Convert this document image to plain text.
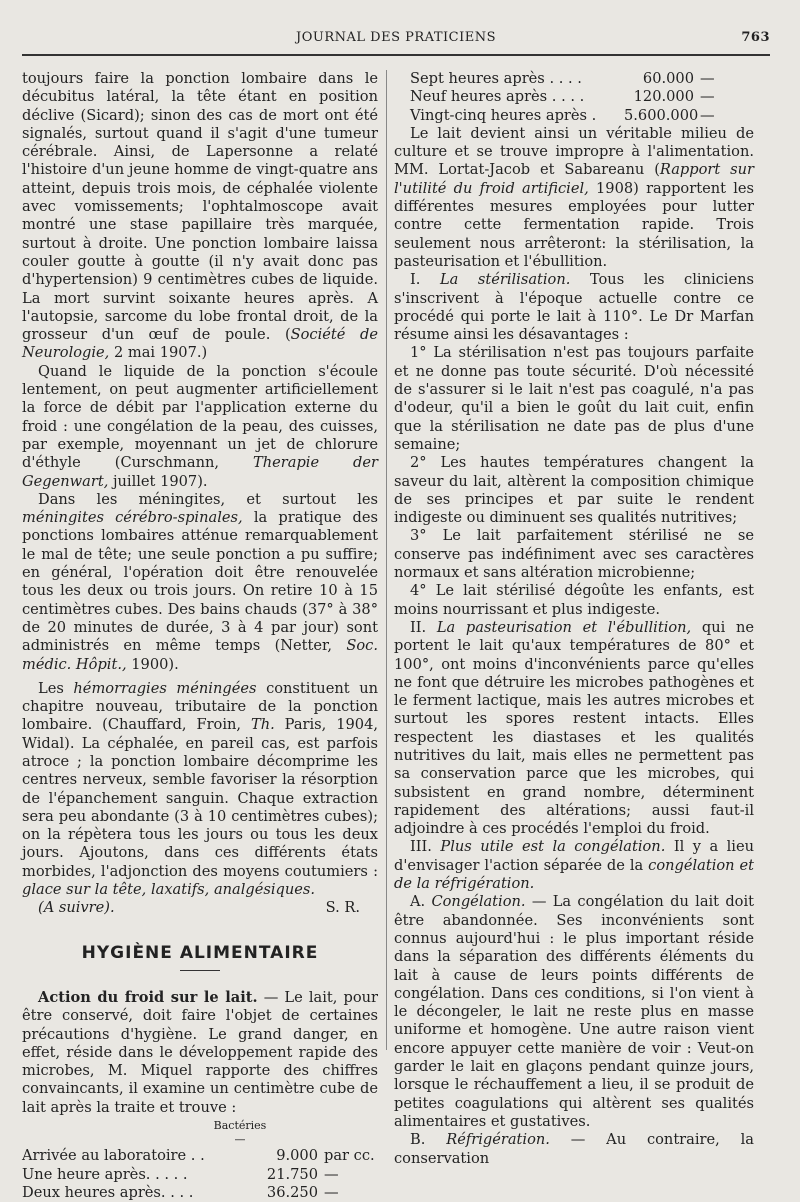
JOURNAL DES PRATICIENS	763

toujours faire la ponction lombaire dans le décubitus latéral, la tête étant en position déclive (Sicard); sinon des cas de mort ont été signalés, surtout quand il s'agit d'une tumeur cérébrale. Ainsi, de Lapersonne a relaté l'histoire d'un jeune homme de vingt-quatre ans atteint, depuis trois mois, de céphalée violente avec vomissements; l'ophtalmoscope avait montré une stase papillaire très marquée, surtout à droite. Une ponction lombaire laissa couler goutte à goutte (il n'y avait donc pas d'hypertension) 9 centimètres cubes de liquide. La mort survint soixante heures après. A l'autopsie, sarcome du lobe frontal droit, de la grosseur d'un œuf de poule. (Société de Neurologie, 2 mai 1907.)

Quand le liquide de la ponction s'écoule lentement, on peut augmenter artificiellement la force de débit par l'application externe du froid : une congélation de la peau, des cuisses, par exemple, moyennant un jet de chlorure d'éthyle (Curschmann, Therapie der Gegenwart, juillet 1907).

Dans les méningites, et surtout les méningites cérébro-spinales, la pratique des ponctions lombaires atténue remarquablement le mal de tête; une seule ponction a pu suffire; en général, l'opération doit être renouvelée tous les deux ou trois jours. On retire 10 à 15 centimètres cubes. Des bains chauds (37° à 38° de 20 minutes de durée, 3 à 4 par jour) sont administrés en même temps (Netter, Soc. médic. Hôpit., 1900).

Les hémorragies méningées constituent un chapitre nouveau, tributaire de la ponction lombaire. (Chauffard, Froin, Th. Paris, 1904, Widal). La céphalée, en pareil cas, est parfois atroce ; la ponction lombaire décomprime les centres nerveux, semble favoriser la résorption de l'épanchement sanguin. Chaque extraction sera peu abondante (3 à 10 centimètres cubes); on la répètera tous les jours ou tous les deux jours. Ajoutons, dans ces différents états morbides, l'adjonction des moyens coutumiers : glace sur la tête, laxatifs, analgésiques.

(A suivre).	S. R.
HYGIÈNE ALIMENTAIRE

Action du froid sur le lait. — Le lait, pour être conservé, doit faire l'objet de certaines précautions d'hygiène. Le grand danger, en effet, réside dans le développement rapide des microbes, M. Miquel rapporte des chiffres convaincants, il examine un centimètre cube de lait après la traite et trouve :

Bactéries
—
Arrivée au laboratoire . .	9.000 par cc.
Une heure après. . . . .	21.750 —
Deux heures après. . . .	36.250 —
Sept heures après . . . .	60.000 —
Neuf heures après . . . .	120.000 —
Vingt-cinq heures après .	5.600.000 —

Le lait devient ainsi un véritable milieu de culture et se trouve impropre à l'alimentation. MM. Lortat-Jacob et Sabareanu (Rapport sur l'utilité du froid artificiel, 1908) rapportent les différentes mesures employées pour lutter contre cette fermentation rapide. Trois seulement nous arrêteront: la stérilisation, la pasteurisation et l'ébullition.

I. La stérilisation. Tous les cliniciens s'inscrivent à l'époque actuelle contre ce procédé qui porte le lait à 110°. Le Dr Marfan résume ainsi les désavantages :

1° La stérilisation n'est pas toujours parfaite et ne donne pas toute sécurité. D'où nécessité de s'assurer si le lait n'est pas coagulé, n'a pas d'odeur, qu'il a bien le goût du lait cuit, enfin que la stérilisation ne date pas de plus d'une semaine;

2° Les hautes températures changent la saveur du lait, altèrent la composition chimique de ses principes et par suite le rendent indigeste ou diminuent ses qualités nutritives;

3° Le lait parfaitement stérilisé ne se conserve pas indéfiniment avec ses caractères normaux et sans altération microbienne;

4° Le lait stérilisé dégoûte les enfants, est moins nourrissant et plus indigeste.

II. La pasteurisation et l'ébullition, qui ne portent le lait qu'aux températures de 80° et 100°, ont moins d'inconvénients parce qu'elles ne font que détruire les microbes pathogènes et le ferment lactique, mais les autres microbes et surtout les spores restent intacts. Elles respectent les diastases et les qualités nutritives du lait, mais elles ne permettent pas sa conservation parce que les microbes, qui subsistent en grand nombre, déterminent rapidement des altérations; aussi faut-il adjoindre à ces procédés l'emploi du froid.

III. Plus utile est la congélation. Il y a lieu d'envisager l'action séparée de la congélation et de la réfrigération.

A. Congélation. — La congélation du lait doit être abandonnée. Ses inconvénients sont connus aujourd'hui : le plus important réside dans la séparation des différents éléments du lait à cause de leurs points différents de congélation. Dans ces conditions, si l'on vient à le décongeler, le lait ne reste plus en masse uniforme et homogène. Une autre raison vient encore appuyer cette manière de voir : Veut-on garder le lait en glaçons pendant quinze jours, lorsque le réchauffement a lieu, il se produit de petites coagulations qui altèrent ses qualités alimentaires et gustatives.

B. Réfrigération. — Au contraire, la conservation
